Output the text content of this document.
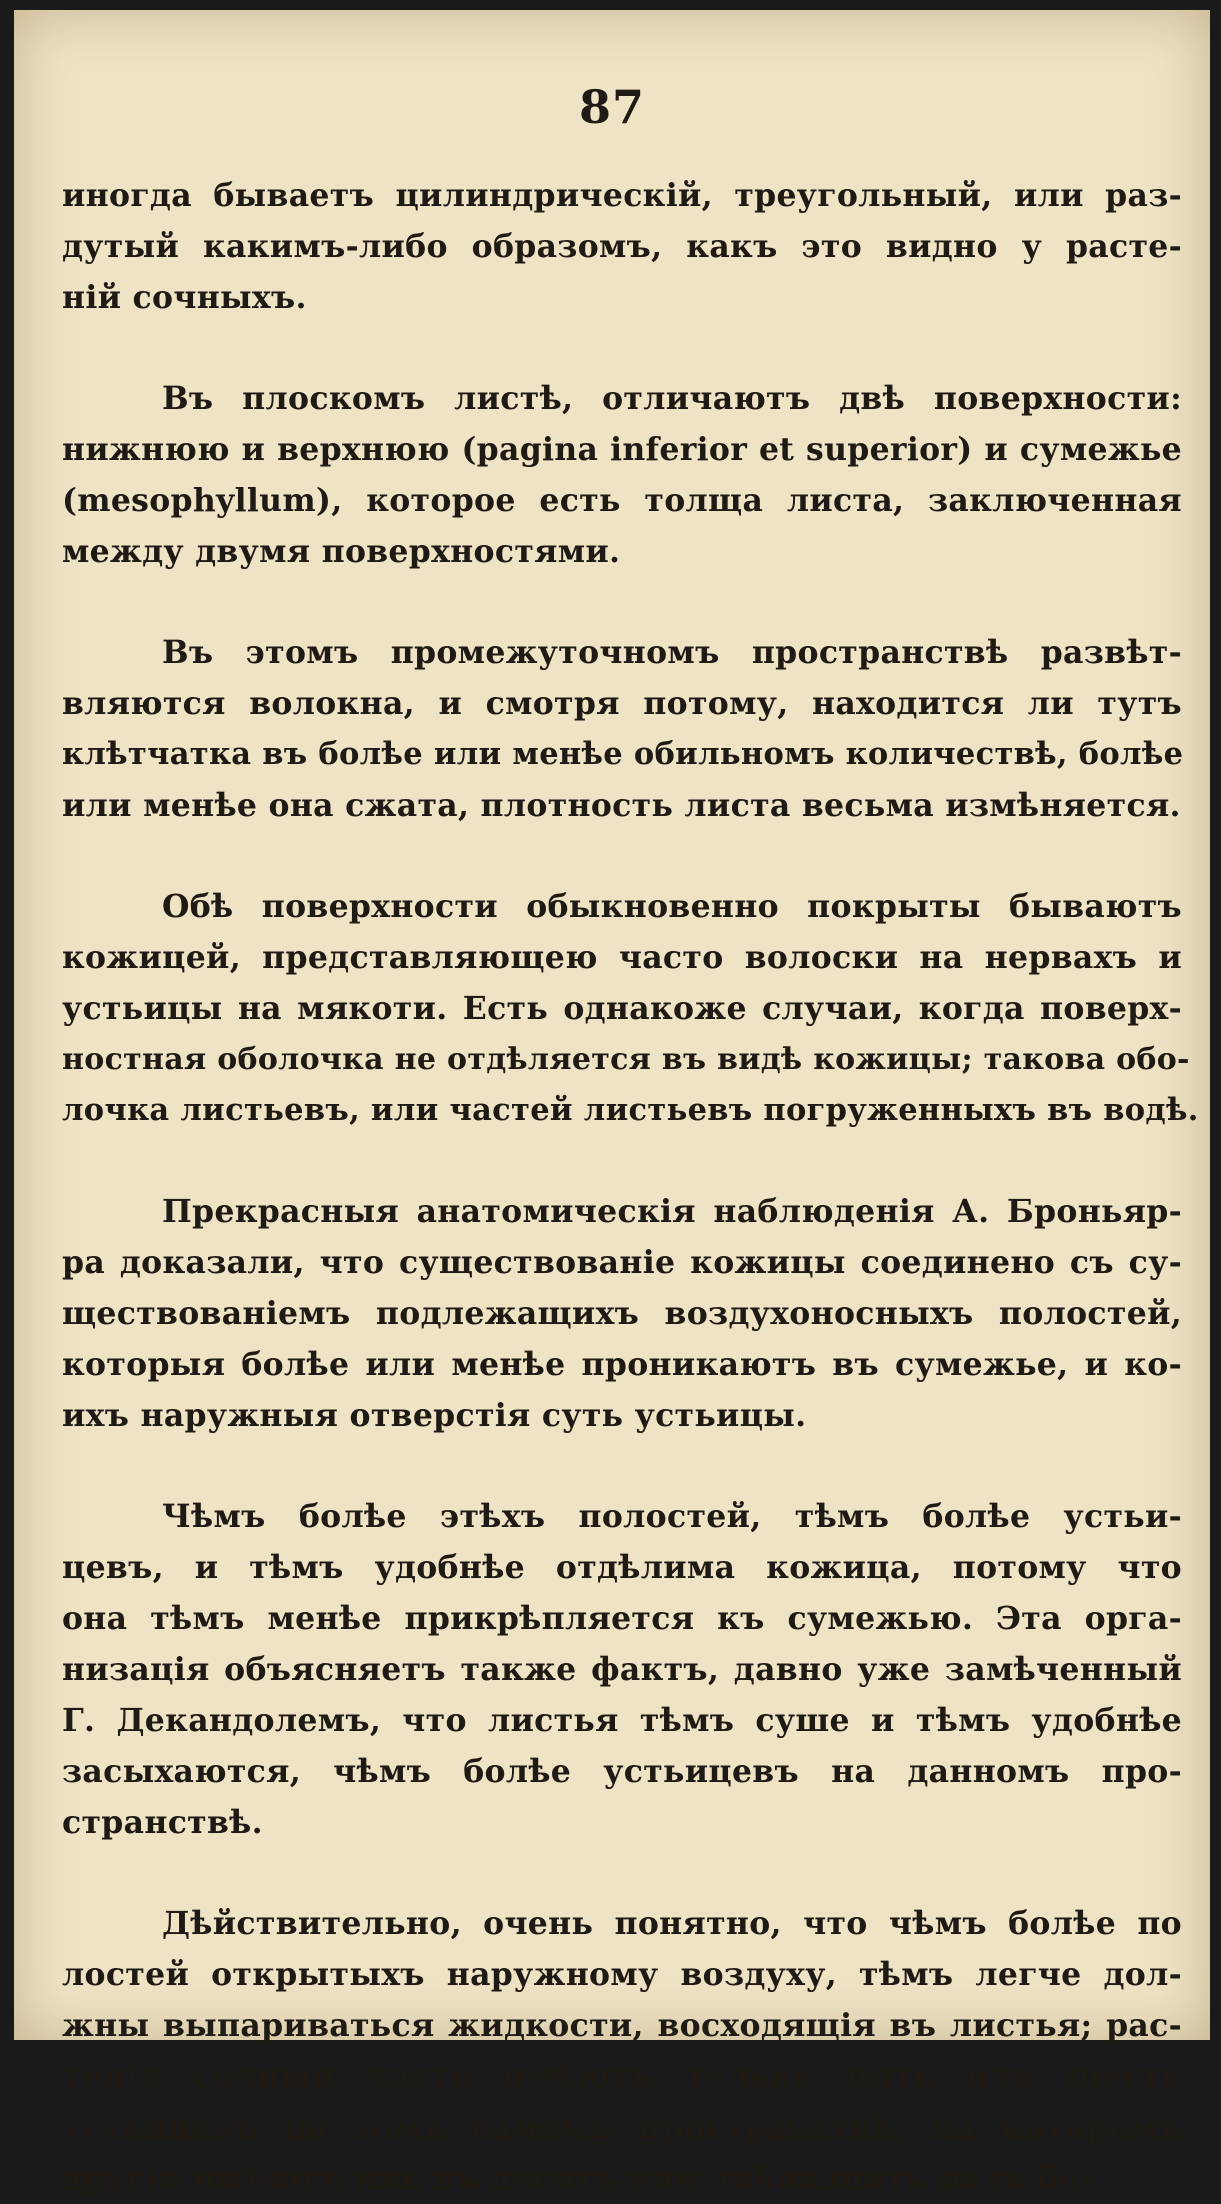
87
иногда бываетъ цилиндрическій, треугольный, или раз-
дутый какимъ-либо образомъ, какъ это видно у расте-
ній сочныхъ.
Въ плоскомъ листѣ, отличаютъ двѣ поверхности:
нижнюю и верхнюю (pagina inferior et superior) и сумежье
(mesophyllum), которое есть толща листа, заключенная
между двумя поверхностями.
Въ этомъ промежуточномъ пространствѣ развѣт-
вляются волокна, и смотря потому, находится ли тутъ
клѣтчатка въ болѣе или менѣе обильномъ количествѣ, болѣе
или менѣе она сжата, плотность листа весьма измѣняется.
Обѣ поверхности обыкновенно покрыты бываютъ
кожицей, представляющею часто волоски на нервахъ и
устьицы на мякоти. Есть однакоже случаи, когда поверх-
ностная оболочка не отдѣляется въ видѣ кожицы; такова обо-
лочка листьевъ, или частей листьевъ погруженныхъ въ водѣ.
Прекрасныя анатомическія наблюденія А. Броньяр-
ра доказали, что существованіе кожицы соединено съ су-
ществованіемъ подлежащихъ воздухоносныхъ полостей,
которыя болѣе или менѣе проникаютъ въ сумежье, и ко-
ихъ наружныя отверстія суть устьицы.
Чѣмъ болѣе этѣхъ полостей, тѣмъ болѣе устьи-
цевъ, и тѣмъ удобнѣе отдѣлима кожица, потому что
она тѣмъ менѣе прикрѣпляется къ сумежью. Эта орга-
низація объясняетъ также фактъ, давно уже замѣченный
Г. Декандолемъ, что листья тѣмъ суше и тѣмъ удобнѣе
засыхаются, чѣмъ болѣе устьицевъ на данномъ про-
странствѣ.
Дѣйствительно, очень понятно, что чѣмъ болѣе по
лостей открытыхъ наружному воздуху, тѣмъ легче дол-
жны выпариваться жидкости, восходящія въ листья; рас-
тенія сочныя часто имѣютъ только пять или шесть
устьицевъ на томъ самомъ пространствѣ, на которомъ
другія имѣютъ ихъ въ десять или двѣнадцать разъ бо-
